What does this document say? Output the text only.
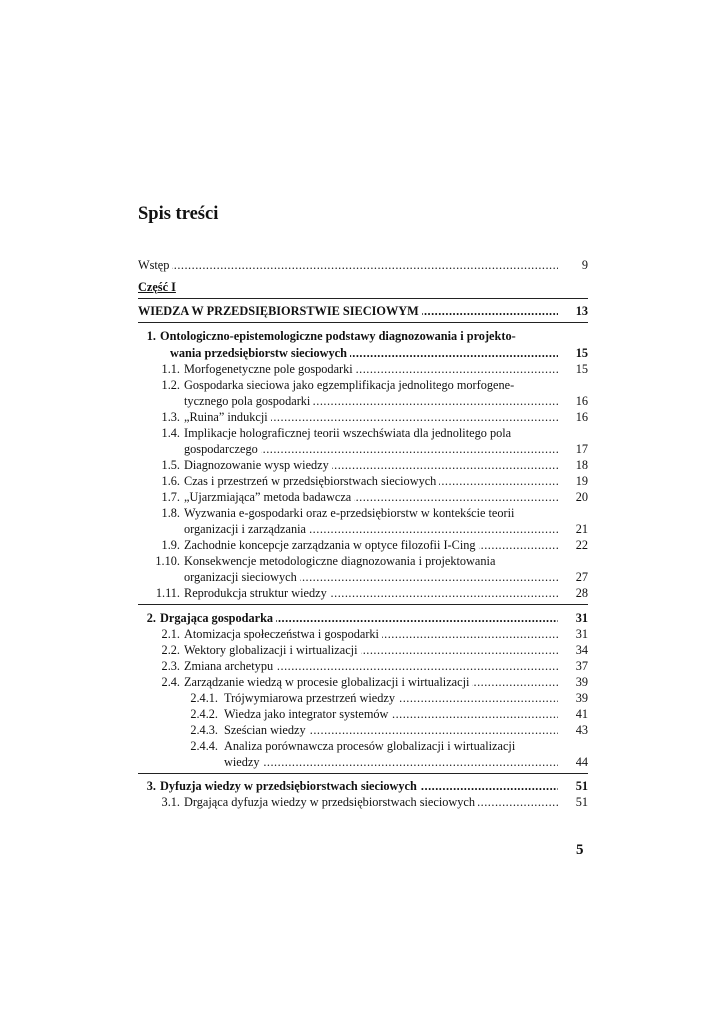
Spis treści
Wstęp .....	9
Część I
WIEDZA W PRZEDSIĘBIORSTWIE SIECIOWYM .....	13
1. Ontologiczno-epistemologiczne podstawy diagnozowania i projekto-
wania przedsiębiorstw sieciowych .....	15
1.1. Morfogenetyczne pole gospodarki .....	15
1.2. Gospodarka sieciowa jako egzemplifikacja jednolitego morfogene-
tycznego pola gospodarki .....	16
1.3. „Ruina” indukcji .....	16
1.4. Implikacje holograficznej teorii wszechświata dla jednolitego pola
gospodarczego .....	17
1.5. Diagnozowanie wysp wiedzy .....	18
1.6. Czas i przestrzeń w przedsiębiorstwach sieciowych .....	19
1.7. „Ujarzmiająca” metoda badawcza .....	20
1.8. Wyzwania e-gospodarki oraz e-przedsiębiorstw w kontekście teorii
organizacji i zarządzania .....	21
1.9. Zachodnie koncepcje zarządzania w optyce filozofii I-Cing .....	22
1.10. Konsekwencje metodologiczne diagnozowania i projektowania
organizacji sieciowych .....	27
1.11. Reprodukcja struktur wiedzy .....	28
2. Drgająca gospodarka .....	31
2.1. Atomizacja społeczeństwa i gospodarki .....	31
2.2. Wektory globalizacji i wirtualizacji .....	34
2.3. Zmiana archetypu .....	37
2.4. Zarządzanie wiedzą w procesie globalizacji i wirtualizacji .....	39
2.4.1. Trójwymiarowa przestrzeń wiedzy .....	39
2.4.2. Wiedza jako integrator systemów .....	41
2.4.3. Sześcian wiedzy .....	43
2.4.4. Analiza porównawcza procesów globalizacji i wirtualizacji
wiedzy .....	44
3. Dyfuzja wiedzy w przedsiębiorstwach sieciowych .....	51
3.1. Drgająca dyfuzja wiedzy w przedsiębiorstwach sieciowych .....	51
5
